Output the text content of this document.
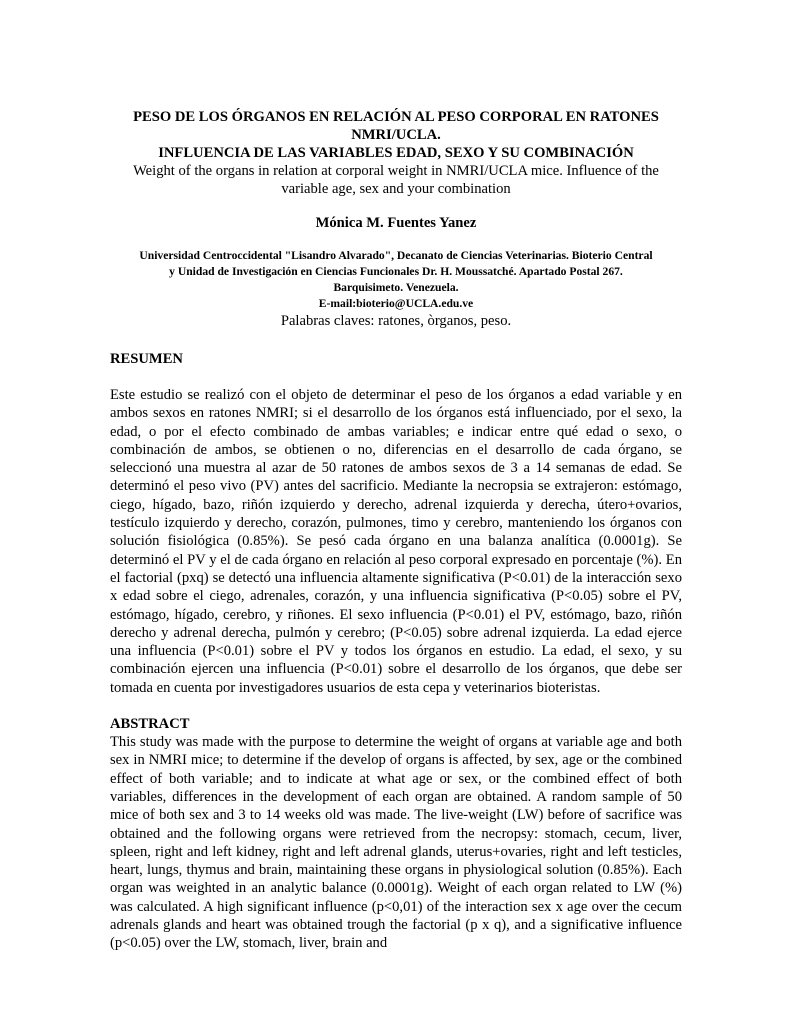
PESO DE LOS ÓRGANOS EN RELACIÓN AL PESO CORPORAL EN RATONES
NMRI/UCLA.
INFLUENCIA DE LAS VARIABLES EDAD, SEXO Y SU COMBINACIÓN
Weight of the organs in relation at corporal weight in NMRI/UCLA mice. Influence of the
variable age, sex and your combination
Mónica M. Fuentes Yanez
Universidad Centroccidental "Lisandro Alvarado", Decanato de Ciencias Veterinarias. Bioterio Central
y Unidad de Investigación en Ciencias Funcionales Dr. H. Moussatché. Apartado Postal 267.
Barquisimeto. Venezuela.
E-mail:bioterio@UCLA.edu.ve
Palabras claves: ratones, òrganos, peso.
RESUMEN

Este estudio se realizó con el objeto de determinar el peso de los órganos a edad variable y en ambos sexos en ratones NMRI; si el desarrollo de los órganos está influenciado, por el sexo, la edad, o por el efecto combinado de ambas variables; e indicar entre qué edad o sexo, o combinación de ambos, se obtienen o no, diferencias en el desarrollo de cada órgano, se seleccionó una muestra al azar de 50 ratones de ambos sexos de 3 a 14 semanas de edad. Se determinó el peso vivo (PV) antes del sacrificio. Mediante la necropsia se extrajeron: estómago, ciego, hígado, bazo, riñón izquierdo y derecho, adrenal izquierda y derecha, útero+ovarios, testículo izquierdo y derecho, corazón, pulmones, timo y cerebro, manteniendo los órganos con solución fisiológica (0.85%). Se pesó cada órgano en una balanza analítica (0.0001g). Se determinó el PV y el de cada órgano en relación al peso corporal expresado en porcentaje (%). En el factorial (pxq) se detectó una influencia altamente significativa (P<0.01) de la interacción sexo x edad sobre el ciego, adrenales, corazón, y una influencia significativa (P<0.05) sobre el PV, estómago, hígado, cerebro, y riñones. El sexo influencia (P<0.01) el PV, estómago, bazo, riñón derecho y adrenal derecha, pulmón y cerebro; (P<0.05) sobre adrenal izquierda. La edad ejerce una influencia (P<0.01) sobre el PV y todos los órganos en estudio. La edad, el sexo, y su combinación ejercen una influencia (P<0.01) sobre el desarrollo de los órganos, que debe ser tomada en cuenta por investigadores usuarios de esta cepa y veterinarios bioteristas.

ABSTRACT

This study was made with the purpose to determine the weight of organs at variable age and both sex in NMRI mice; to determine if the develop of organs is affected, by sex, age or the combined effect of both variable; and to indicate at what age or sex, or the combined effect of both variables, differences in the development of each organ are obtained. A random sample of 50 mice of both sex and 3 to 14 weeks old was made. The live-weight (LW) before of sacrifice was obtained and the following organs were retrieved from the necropsy: stomach, cecum, liver, spleen, right and left kidney, right and left adrenal glands, uterus+ovaries, right and left testicles, heart, lungs, thymus and brain, maintaining these organs in physiological solution (0.85%). Each organ was weighted in an analytic balance (0.0001g). Weight of each organ related to LW (%) was calculated. A high significant influence (p<0,01) of the interaction sex x age over the cecum adrenals glands and heart was obtained trough the factorial (p x q), and a significative influence (p<0.05) over the LW, stomach, liver, brain and
